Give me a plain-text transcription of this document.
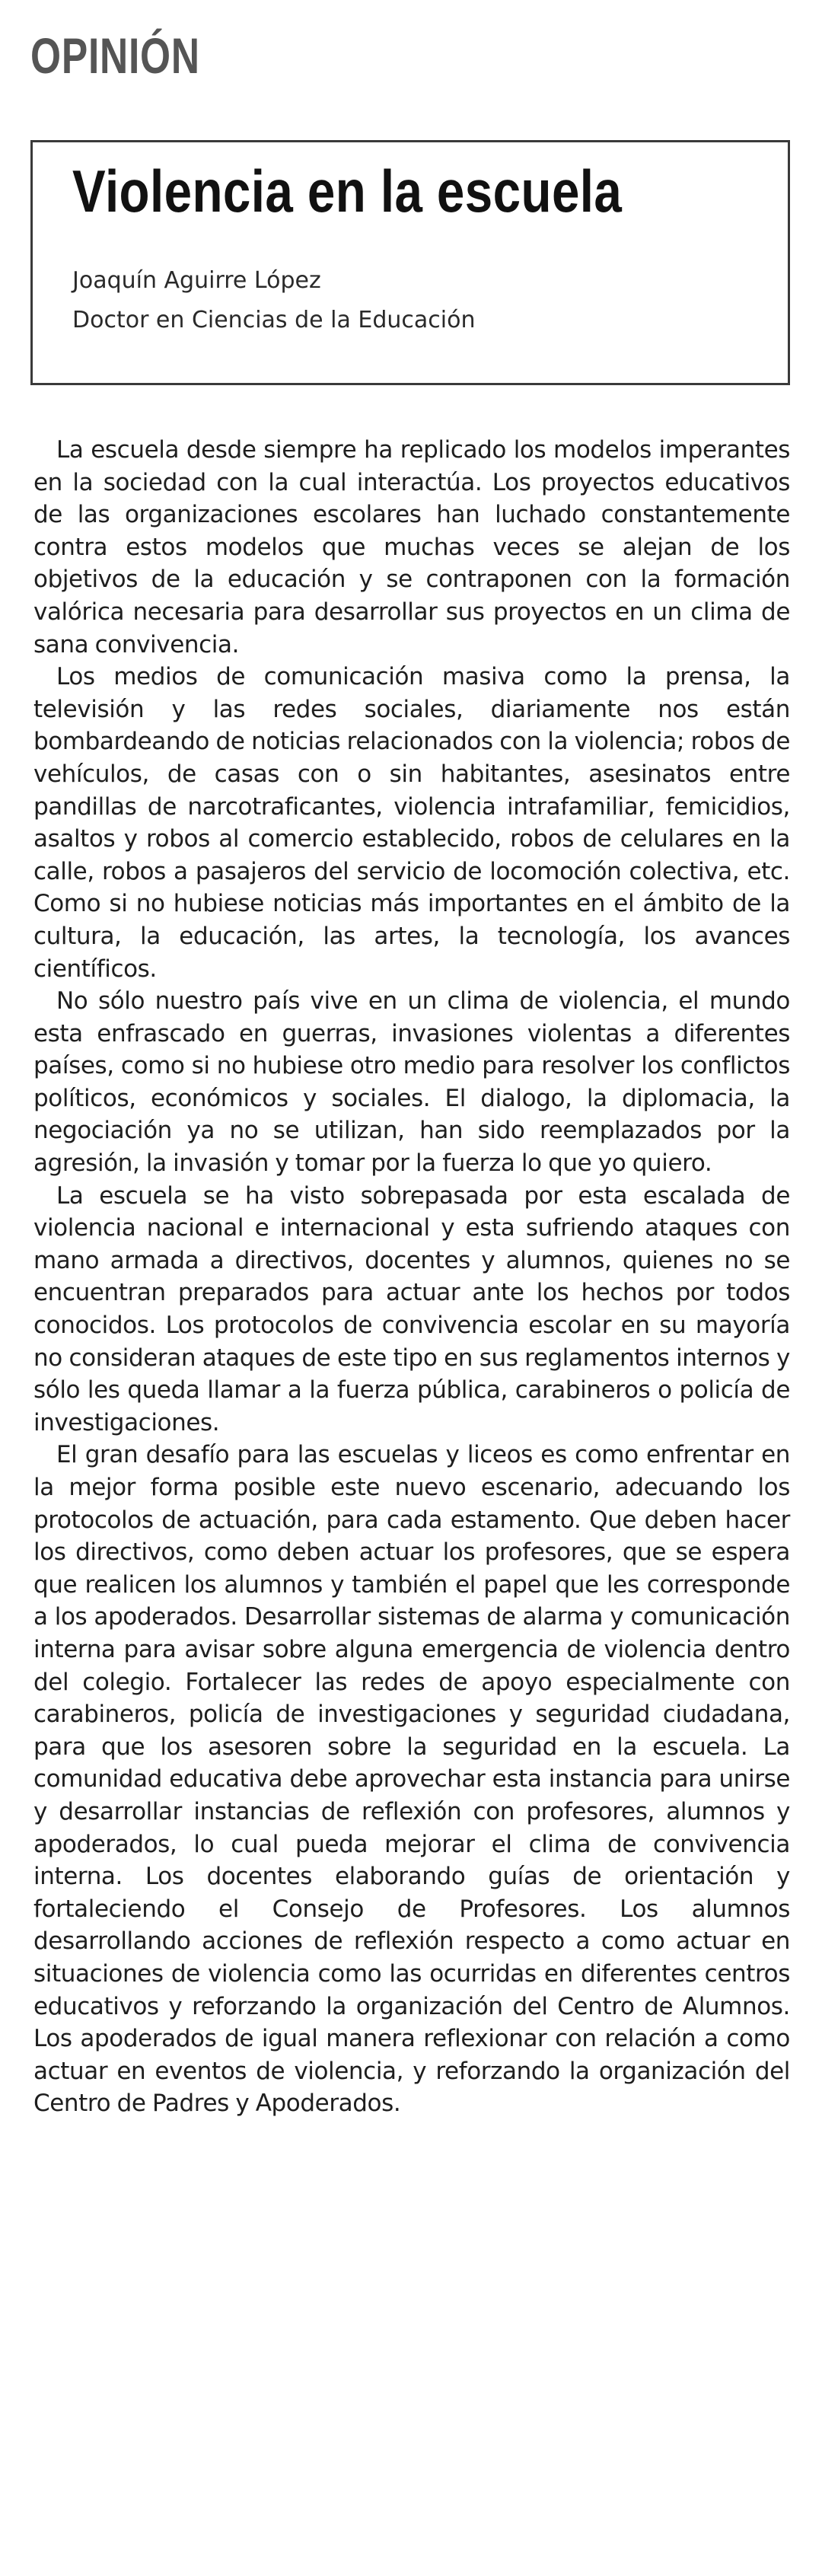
OPINIÓN
Violencia en la escuela
Joaquín Aguirre López
Doctor en Ciencias de la Educación

La escuela desde siempre ha replicado los modelos imperantes en la sociedad con la cual interactúa. Los proyectos educativos de las organizaciones escolares han luchado constantemente contra estos modelos que muchas veces se alejan de los objetivos de la educación y se contraponen con la formación valórica necesaria para desarrollar sus proyectos en un clima de sana convivencia.

Los medios de comunicación masiva como la prensa, la televisión y las redes sociales, diariamente nos están bombardeando de noticias relacionados con la violencia; robos de vehículos, de casas con o sin habitantes, asesinatos entre pandillas de narcotraficantes, violencia intrafamiliar, femicidios, asaltos y robos al comercio establecido, robos de celulares en la calle, robos a pasajeros del servicio de locomoción colectiva, etc. Como si no hubiese noticias más importantes en el ámbito de la cultura, la educación, las artes, la tecnología, los avances científicos.

No sólo nuestro país vive en un clima de violencia, el mundo esta enfrascado en guerras, invasiones violentas a diferentes países, como si no hubiese otro medio para resolver los conflictos políticos, económicos y sociales. El dialogo, la diplomacia, la negociación ya no se utilizan, han sido reemplazados por la agresión, la invasión y tomar por la fuerza lo que yo quiero.

La escuela se ha visto sobrepasada por esta escalada de violencia nacional e internacional y esta sufriendo ataques con mano armada a directivos, docentes y alumnos, quienes no se encuentran preparados para actuar ante los hechos por todos conocidos. Los protocolos de convivencia escolar en su mayoría no consideran ataques de este tipo en sus reglamentos internos y sólo les queda llamar a la fuerza pública, carabineros o policía de investigaciones.

El gran desafío para las escuelas y liceos es como enfrentar en la mejor forma posible este nuevo escenario, adecuando los protocolos de actuación, para cada estamento. Que deben hacer los directivos, como deben actuar los profesores, que se espera que realicen los alumnos y también el papel que les corresponde a los apoderados. Desarrollar sistemas de alarma y comunicación interna para avisar sobre alguna emergencia de violencia dentro del colegio. Fortalecer las redes de apoyo especialmente con carabineros, policía de investigaciones y seguridad ciudadana, para que los asesoren sobre la seguridad en la escuela. La comunidad educativa debe aprovechar esta instancia para unirse y desarrollar instancias de reflexión con profesores, alumnos y apoderados, lo cual pueda mejorar el clima de convivencia interna. Los docentes elaborando guías de orientación y fortaleciendo el Consejo de Profesores. Los alumnos desarrollando acciones de reflexión respecto a como actuar en situaciones de violencia como las ocurridas en diferentes centros educativos y reforzando la organización del Centro de Alumnos. Los apoderados de igual manera reflexionar con relación a como actuar en eventos de violencia, y reforzando la organización del Centro de Padres y Apoderados.
